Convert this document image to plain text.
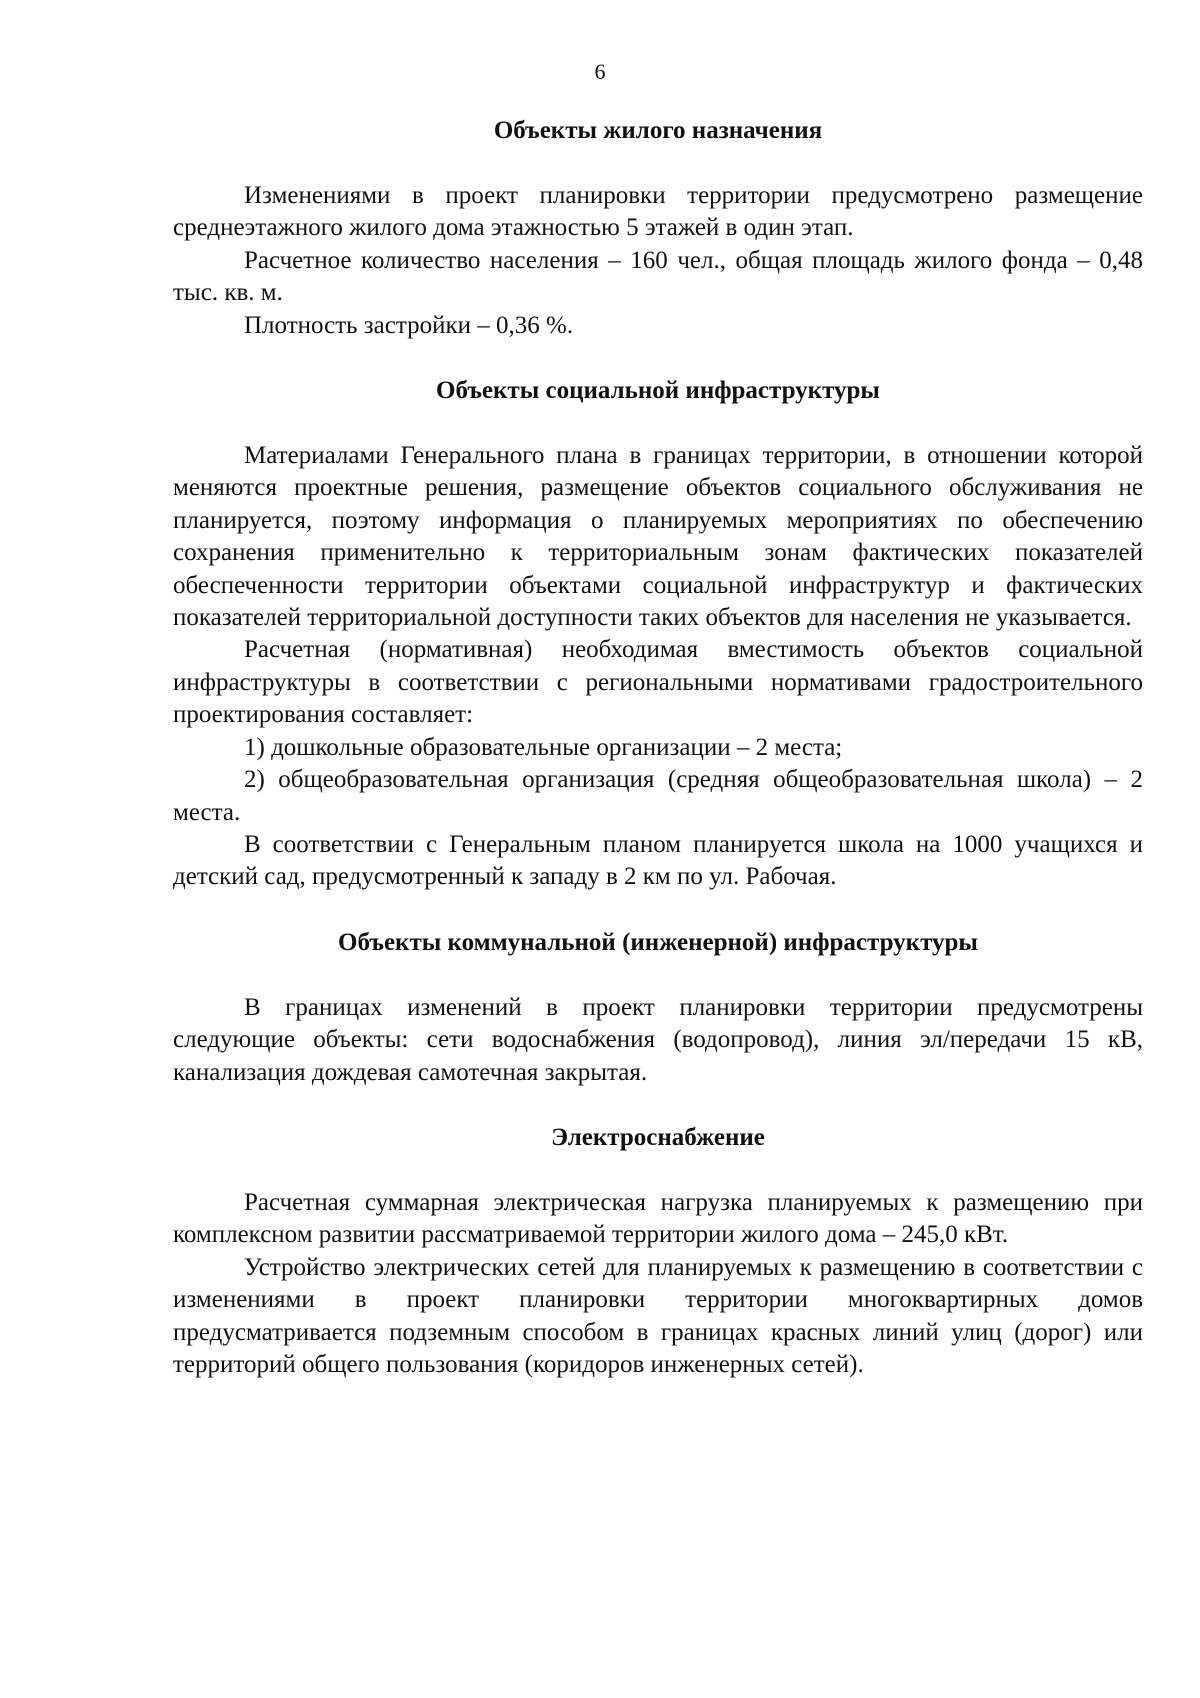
6
Объекты жилого назначения

Изменениями в проект планировки территории предусмотрено размещение среднеэтажного жилого дома этажностью 5 этажей в один этап.

Расчетное количество населения – 160 чел., общая площадь жилого фонда – 0,48 тыс. кв. м.

Плотность застройки – 0,36 %.

Объекты социальной инфраструктуры

Материалами Генерального плана в границах территории, в отношении которой меняются проектные решения, размещение объектов социального обслуживания не планируется, поэтому информация о планируемых мероприятиях по обеспечению сохранения применительно к территориальным зонам фактических показателей обеспеченности территории объектами социальной инфраструктур и фактических показателей территориальной доступности таких объектов для населения не указывается.

Расчетная (нормативная) необходимая вместимость объектов социальной инфраструктуры в соответствии с региональными нормативами градостроительного проектирования составляет:

1) дошкольные образовательные организации – 2 места;

2) общеобразовательная организация (средняя общеобразовательная школа) – 2 места.

В соответствии с Генеральным планом планируется школа на 1000 учащихся и детский сад, предусмотренный к западу в 2 км по ул. Рабочая.

Объекты коммунальной (инженерной) инфраструктуры

В границах изменений в проект планировки территории предусмотрены следующие объекты: сети водоснабжения (водопровод), линия эл/передачи 15 кВ, канализация дождевая самотечная закрытая.

Электроснабжение

Расчетная суммарная электрическая нагрузка планируемых к размещению при комплексном развитии рассматриваемой территории жилого дома – 245,0 кВт.

Устройство электрических сетей для планируемых к размещению в соответствии с изменениями в проект планировки территории многоквартирных домов предусматривается подземным способом в границах красных линий улиц (дорог) или территорий общего пользования (коридоров инженерных сетей).
